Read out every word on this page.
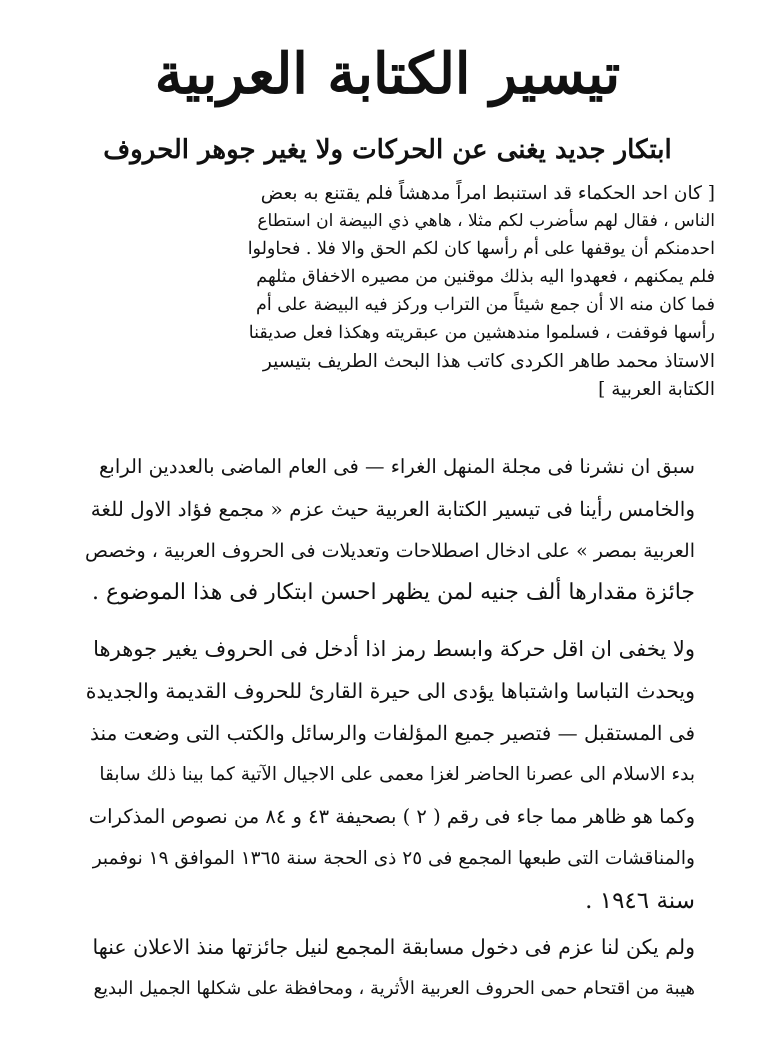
تيسير الكتابة العربية
ابتكار جديد يغنى عن الحركات ولا يغير جوهر الحروف
[ كان احد الحكماء قد استنبط امراً مدهشاً فلم يقتنع به بعض
الناس ، فقال لهم سأضرب لكم مثلا ، هاهي ذي البيضة ان استطاع
احدمنكم أن يوقفها على أم رأسها كان لكم الحق والا فلا . فحاولوا
فلم يمكنهم ، فعهدوا اليه بذلك موقنين من مصيره الاخفاق مثلهم
فما كان منه الا أن جمع شيئاً من التراب وركز فيه البيضة على أم
رأسها فوقفت ، فسلموا مندهشين من عبقريته وهكذا فعل صديقنا
الاستاذ محمد طاهر الكردى كاتب هذا البحث الطريف بتيسير
الكتابة العربية ]
سبق ان نشرنا فى مجلة المنهل الغراء — فى العام الماضى بالعددين الرابع
والخامس رأينا فى تيسير الكتابة العربية حيث عزم « مجمع فؤاد الاول للغة
العربية بمصر » على ادخال اصطلاحات وتعديلات فى الحروف العربية ، وخصص
جائزة مقدارها ألف جنيه لمن يظهر احسن ابتكار فى هذا الموضوع .
ولا يخفى ان اقل حركة وابسط رمز اذا أدخل فى الحروف يغير جوهرها
ويحدث التباسا واشتباها يؤدى الى حيرة القارئ للحروف القديمة والجديدة
فى المستقبل — فتصير جميع المؤلفات والرسائل والكتب التى وضعت منذ
بدء الاسلام الى عصرنا الحاضر لغزا معمى على الاجيال الآتية كما بينا ذلك سابقا
وكما هو ظاهر مما جاء فى رقم ( ٢ ) بصحيفة ٤٣ و ٨٤ من نصوص المذكرات
والمناقشات التى طبعها المجمع فى ٢٥ ذى الحجة سنة ١٣٦٥ الموافق ١٩ نوفمبر
سنة ١٩٤٦ .
ولم يكن لنا عزم فى دخول مسابقة المجمع لنيل جائزتها منذ الاعلان عنها
هيبة من اقتحام حمى الحروف العربية الأثرية ، ومحافظة على شكلها الجميل البديع
